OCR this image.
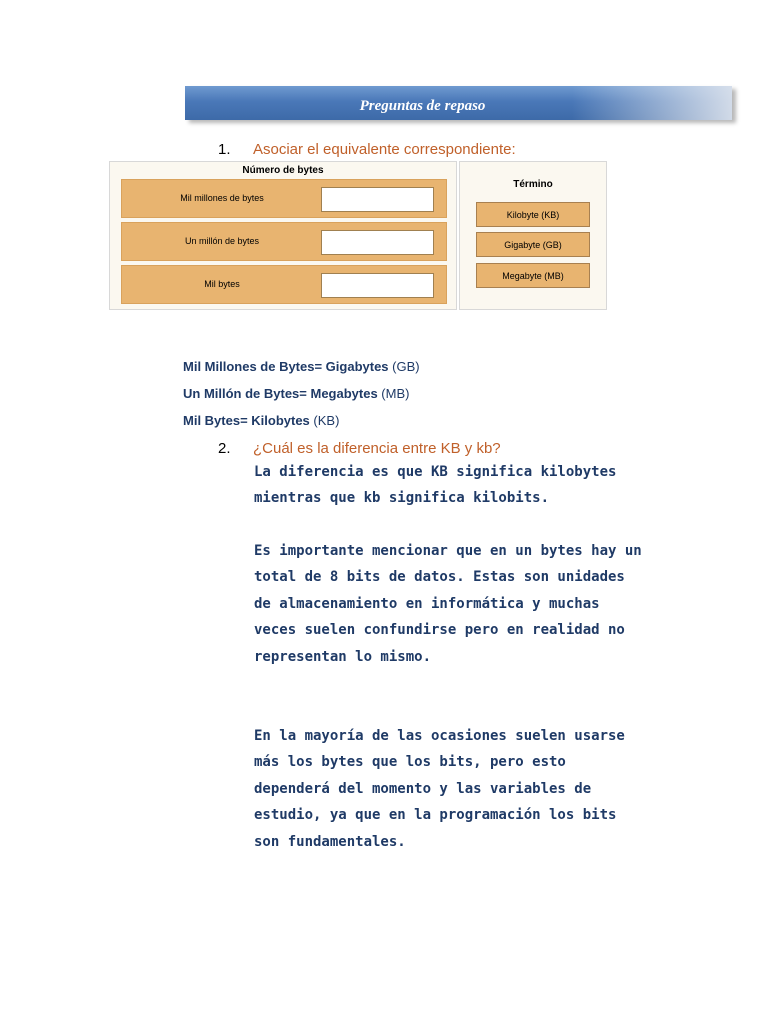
Preguntas de repaso
1. Asociar el equivalente correspondiente:
Número de bytes
Mil millones de bytes
Un millón de bytes
Mil bytes
Término
Kilobyte (KB)
Gigabyte (GB)
Megabyte (MB)
Mil Millones de Bytes= Gigabytes (GB)
Un Millón de Bytes= Megabytes (MB)
Mil Bytes= Kilobytes (KB)
2. ¿Cuál es la diferencia entre KB y kb?

La diferencia es que KB significa kilobytes mientras que kb significa kilobits.

Es importante mencionar que en un bytes hay un total de 8 bits de datos. Estas son unidades de almacenamiento en informática y muchas veces suelen confundirse pero en realidad no representan lo mismo.

En la mayoría de las ocasiones suelen usarse más los bytes que los bits, pero esto dependerá del momento y las variables de estudio, ya que en la programación los bits son fundamentales.
